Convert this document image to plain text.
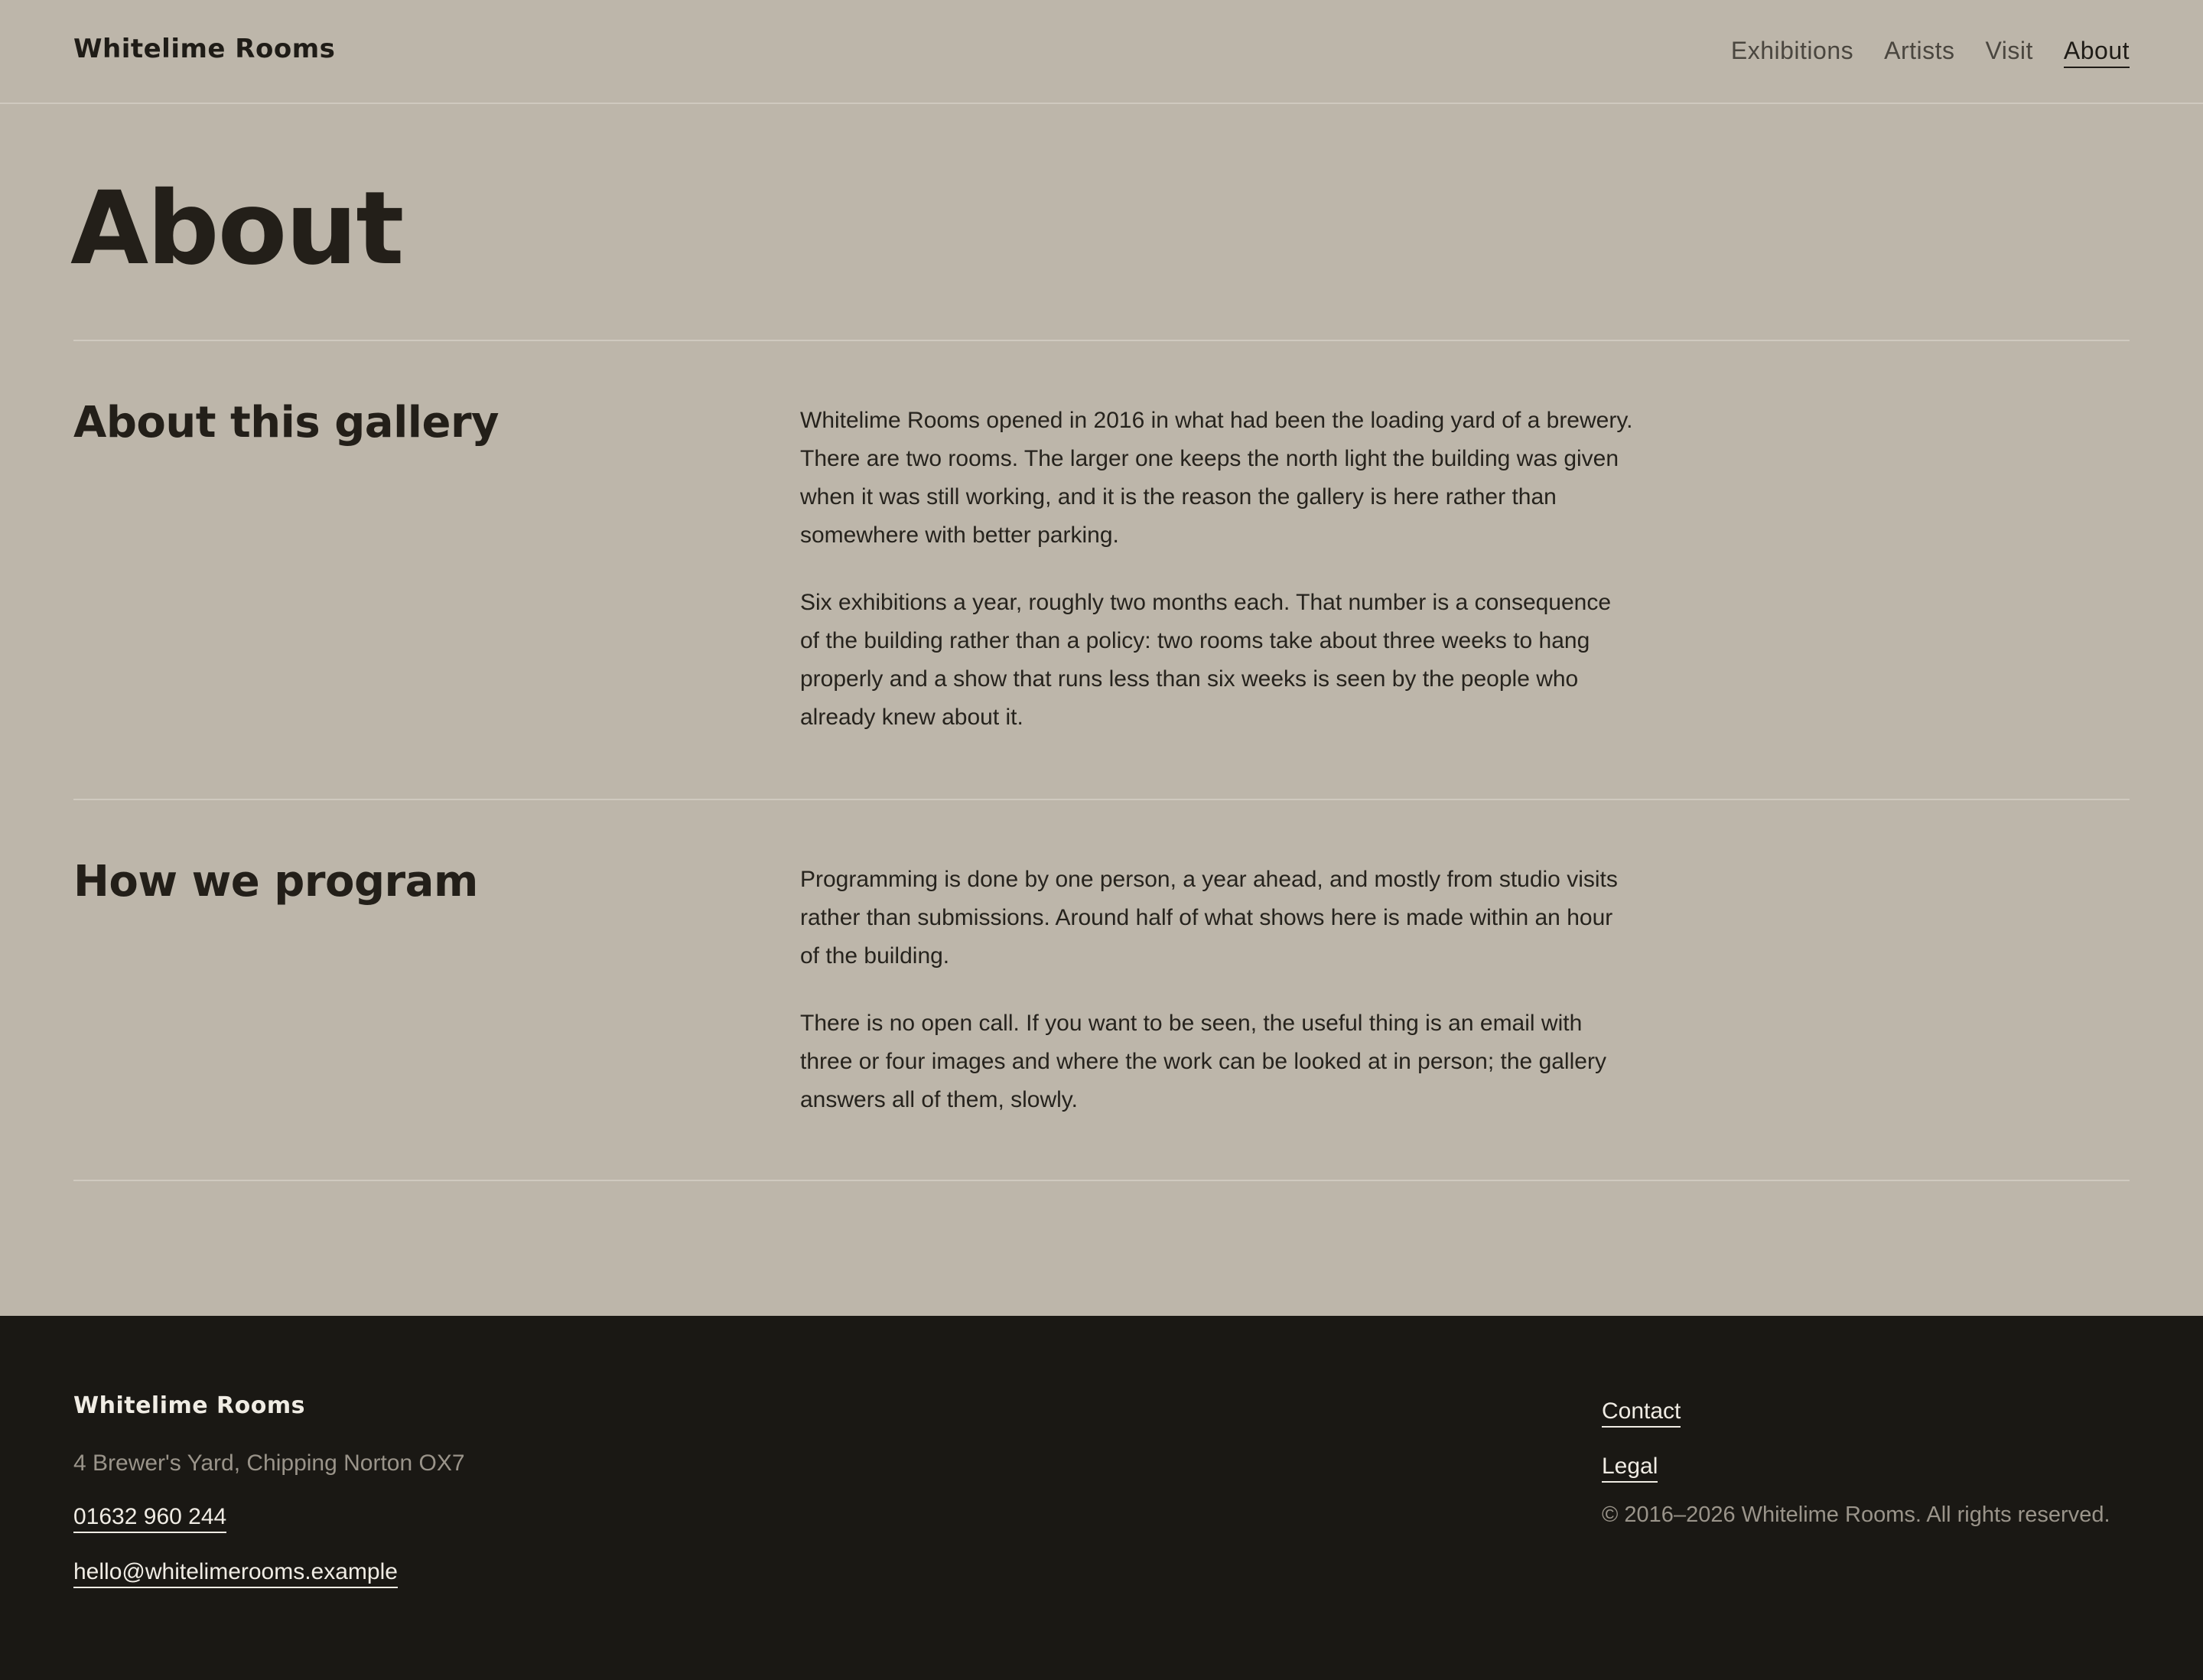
Whitelime Rooms	Exhibitions Artists Visit About
About
About this gallery	Whitelime Rooms opened in 2016 in what had been the loading yard of a brewery. There are two rooms. The larger one keeps the north light the building was given when it was still working, and it is the reason the gallery is here rather than somewhere with better parking.

Six exhibitions a year, roughly two months each. That number is a consequence of the building rather than a policy: two rooms take about three weeks to hang properly and a show that runs less than six weeks is seen by the people who already knew about it.

How we program	Programming is done by one person, a year ahead, and mostly from studio visits rather than submissions. Around half of what shows here is made within an hour of the building.

There is no open call. If you want to be seen, the useful thing is an email with three or four images and where the work can be looked at in person; the gallery answers all of them, slowly.

Whitelime Rooms
4 Brewer's Yard, Chipping Norton OX7
01632 960 244
hello@whitelimerooms.example
Contact
Legal
© 2016–2026 Whitelime Rooms. All rights reserved.
